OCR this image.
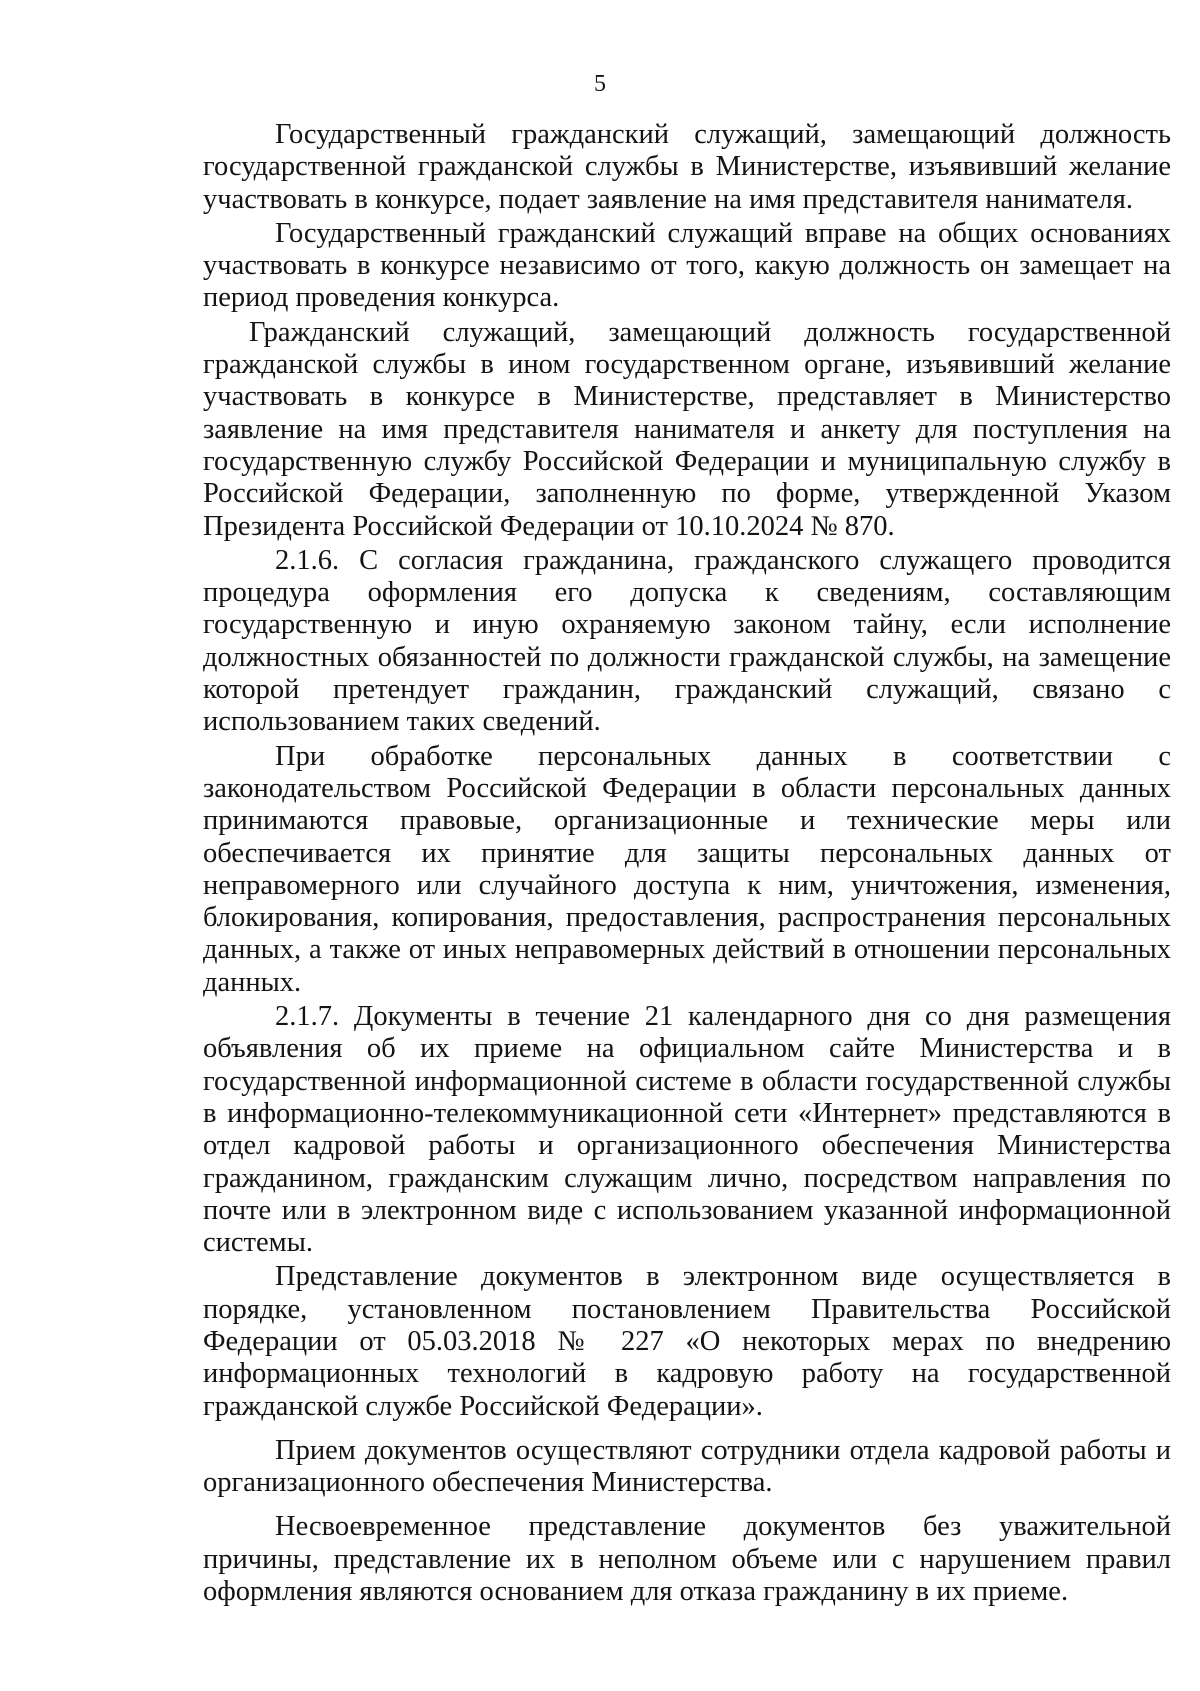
5

Государственный гражданский служащий, замещающий должность государственной гражданской службы в Министерстве, изъявивший желание участвовать в конкурсе, подает заявление на имя представителя нанимателя.

Государственный гражданский служащий вправе на общих основаниях участвовать в конкурсе независимо от того, какую должность он замещает на период проведения конкурса.

Гражданский служащий, замещающий должность государственной гражданской службы в ином государственном органе, изъявивший желание участвовать в конкурсе в Министерстве, представляет в Министерство заявление на имя представителя нанимателя и анкету для поступления на государственную службу Российской Федерации и муниципальную службу в Российской Федерации, заполненную по форме, утвержденной Указом Президента Российской Федерации от 10.10.2024 № 870.

2.1.6. С согласия гражданина, гражданского служащего проводится процедура оформления его допуска к сведениям, составляющим государственную и иную охраняемую законом тайну, если исполнение должностных обязанностей по должности гражданской службы, на замещение которой претендует гражданин, гражданский служащий, связано с использованием таких сведений.

При обработке персональных данных в соответствии с законодательством Российской Федерации в области персональных данных принимаются правовые, организационные и технические меры или обеспечивается их принятие для защиты персональных данных от неправомерного или случайного доступа к ним, уничтожения, изменения, блокирования, копирования, предоставления, распространения персональных данных, а также от иных неправомерных действий в отношении персональных данных.

2.1.7. Документы в течение 21 календарного дня со дня размещения объявления об их приеме на официальном сайте Министерства и в государственной информационной системе в области государственной службы в информационно-телекоммуникационной сети «Интернет» представляются в отдел кадровой работы и организационного обеспечения Министерства гражданином, гражданским служащим лично, посредством направления по почте или в электронном виде с использованием указанной информационной системы.

Представление документов в электронном виде осуществляется в порядке, установленном постановлением Правительства Российской Федерации от 05.03.2018 № 227 «О некоторых мерах по внедрению информационных технологий в кадровую работу на государственной гражданской службе Российской Федерации».

Прием документов осуществляют сотрудники отдела кадровой работы и организационного обеспечения Министерства.

Несвоевременное представление документов без уважительной причины, представление их в неполном объеме или с нарушением правил оформления являются основанием для отказа гражданину в их приеме.
